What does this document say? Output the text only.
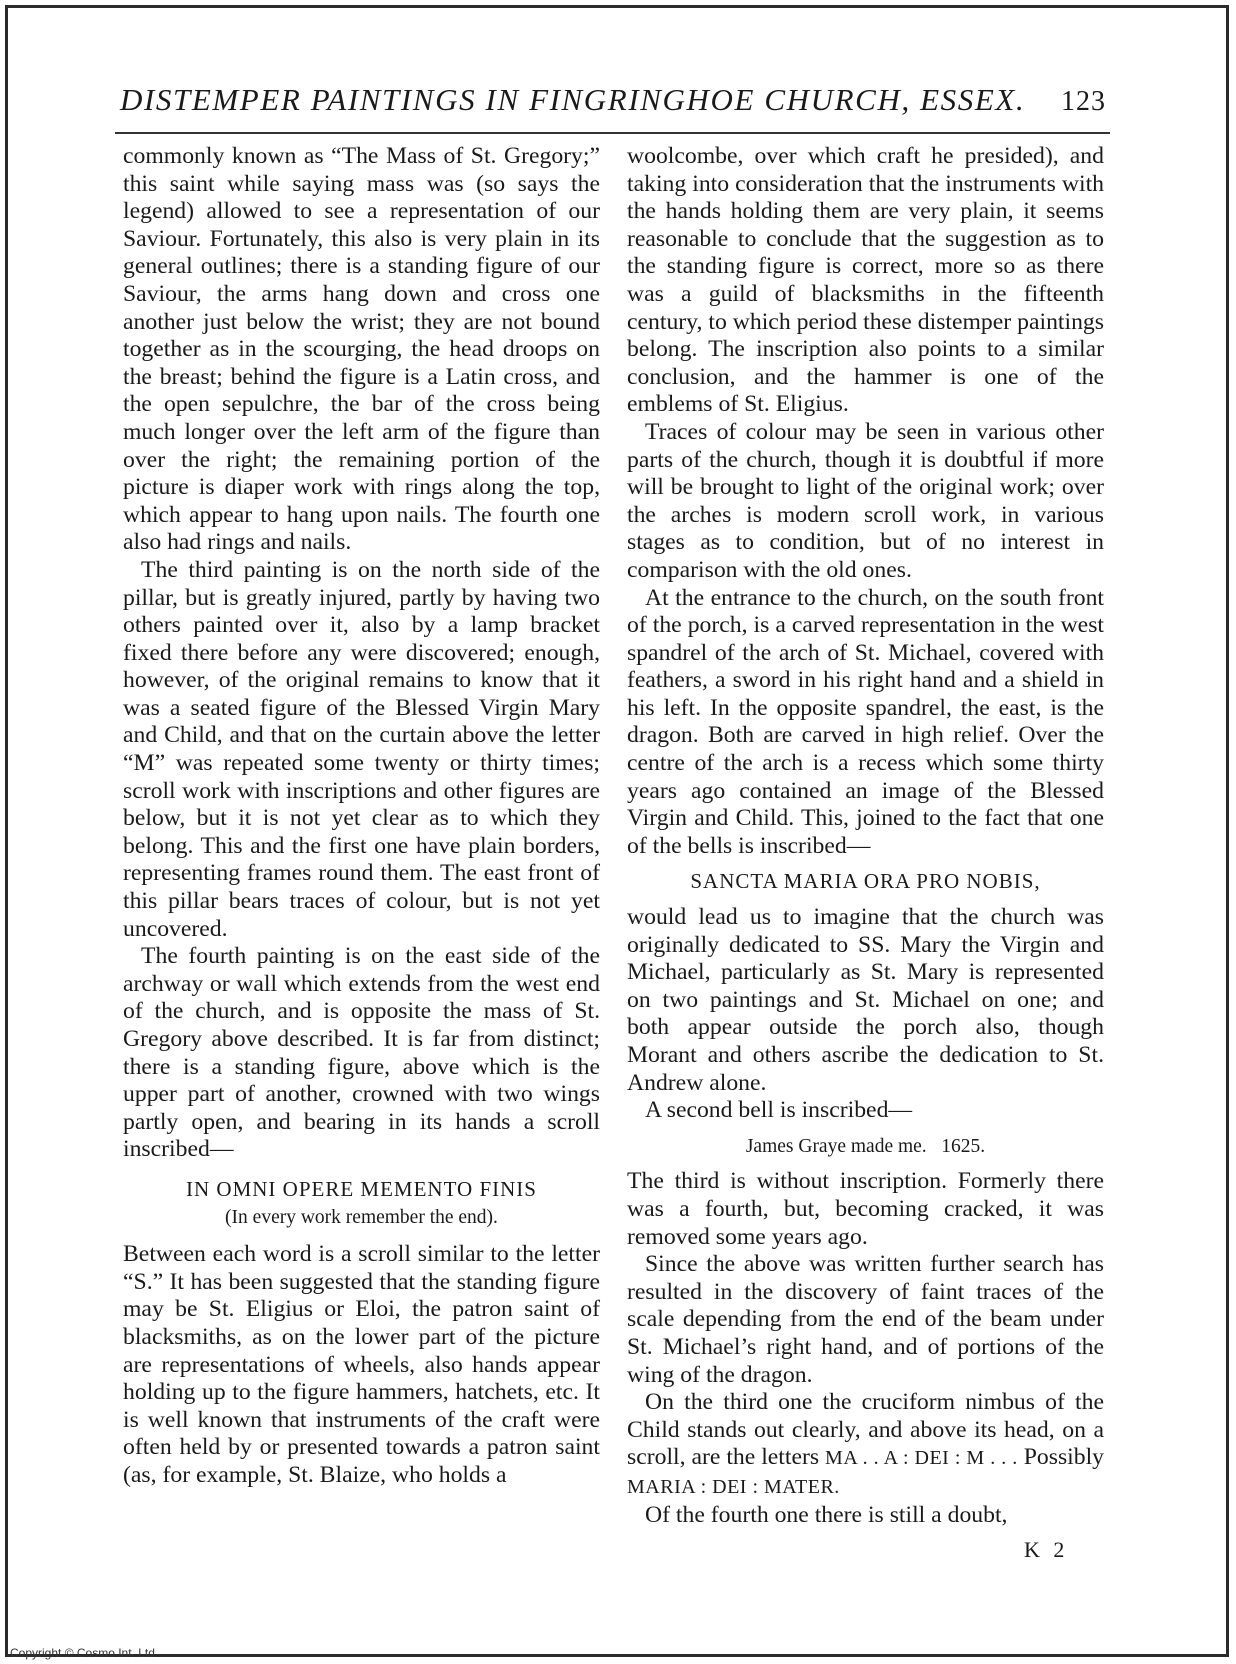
DISTEMPER PAINTINGS IN FINGRINGHOE CHURCH, ESSEX. 123

commonly known as “The Mass of St. Gregory;” this saint while saying mass was (so says the legend) allowed to see a representation of our Saviour. Fortunately, this also is very plain in its general outlines; there is a standing figure of our Saviour, the arms hang down and cross one another just below the wrist; they are not bound together as in the scourging, the head droops on the breast; behind the figure is a Latin cross, and the open sepulchre, the bar of the cross being much longer over the left arm of the figure than over the right; the remaining portion of the picture is diaper work with rings along the top, which appear to hang upon nails. The fourth one also had rings and nails.

The third painting is on the north side of the pillar, but is greatly injured, partly by having two others painted over it, also by a lamp bracket fixed there before any were discovered; enough, however, of the original remains to know that it was a seated figure of the Blessed Virgin Mary and Child, and that on the curtain above the letter “M” was repeated some twenty or thirty times; scroll work with inscriptions and other figures are below, but it is not yet clear as to which they belong. This and the first one have plain borders, representing frames round them. The east front of this pillar bears traces of colour, but is not yet uncovered.

The fourth painting is on the east side of the archway or wall which extends from the west end of the church, and is opposite the mass of St. Gregory above described. It is far from distinct; there is a standing figure, above which is the upper part of another, crowned with two wings partly open, and bearing in its hands a scroll inscribed—

IN OMNI OPERE MEMENTO FINIS
(In every work remember the end).

Between each word is a scroll similar to the letter “S.” It has been suggested that the standing figure may be St. Eligius or Eloi, the patron saint of blacksmiths, as on the lower part of the picture are representations of wheels, also hands appear holding up to the figure hammers, hatchets, etc. It is well known that instruments of the craft were often held by or presented towards a patron saint (as, for example, St. Blaize, who holds a

woolcombe, over which craft he presided), and taking into consideration that the instruments with the hands holding them are very plain, it seems reasonable to conclude that the suggestion as to the standing figure is correct, more so as there was a guild of blacksmiths in the fifteenth century, to which period these distemper paintings belong. The inscription also points to a similar conclusion, and the hammer is one of the emblems of St. Eligius.

Traces of colour may be seen in various other parts of the church, though it is doubtful if more will be brought to light of the original work; over the arches is modern scroll work, in various stages as to condition, but of no interest in comparison with the old ones.

At the entrance to the church, on the south front of the porch, is a carved representation in the west spandrel of the arch of St. Michael, covered with feathers, a sword in his right hand and a shield in his left. In the opposite spandrel, the east, is the dragon. Both are carved in high relief. Over the centre of the arch is a recess which some thirty years ago contained an image of the Blessed Virgin and Child. This, joined to the fact that one of the bells is inscribed—

SANCTA MARIA ORA PRO NOBIS,

would lead us to imagine that the church was originally dedicated to SS. Mary the Virgin and Michael, particularly as St. Mary is represented on two paintings and St. Michael on one; and both appear outside the porch also, though Morant and others ascribe the dedication to St. Andrew alone.

A second bell is inscribed—

James Graye made me.   1625.

The third is without inscription. Formerly there was a fourth, but, becoming cracked, it was removed some years ago.

Since the above was written further search has resulted in the discovery of faint traces of the scale depending from the end of the beam under St. Michael’s right hand, and of portions of the wing of the dragon.

On the third one the cruciform nimbus of the Child stands out clearly, and above its head, on a scroll, are the letters MA . . A : DEI : M . . . Possibly MARIA : DEI : MATER.

Of the fourth one there is still a doubt,

K 2
Copyright © Cosmo Int. Ltd
